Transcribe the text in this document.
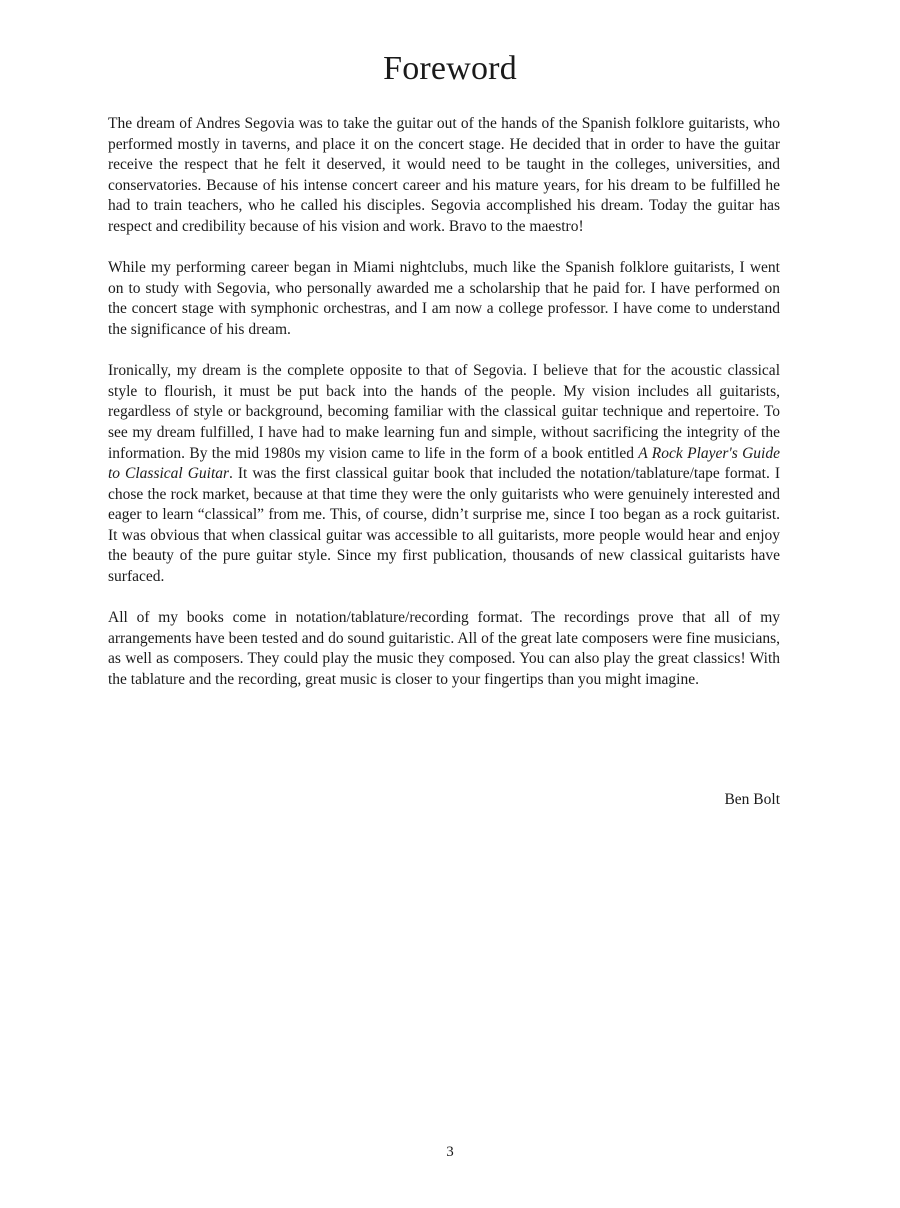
Foreword

The dream of Andres Segovia was to take the guitar out of the hands of the Spanish folklore guitarists, who performed mostly in taverns, and place it on the concert stage. He decided that in order to have the guitar receive the respect that he felt it deserved, it would need to be taught in the colleges, universities, and conservatories. Because of his intense concert career and his mature years, for his dream to be fulfilled he had to train teachers, who he called his disciples. Segovia accomplished his dream. Today the guitar has respect and credibility because of his vision and work. Bravo to the maestro!

While my performing career began in Miami nightclubs, much like the Spanish folklore guitarists, I went on to study with Segovia, who personally awarded me a scholarship that he paid for. I have performed on the concert stage with symphonic orchestras, and I am now a college professor. I have come to understand the significance of his dream.

Ironically, my dream is the complete opposite to that of Segovia. I believe that for the acoustic classical style to flourish, it must be put back into the hands of the people. My vision includes all guitarists, regardless of style or background, becoming familiar with the classical guitar technique and repertoire. To see my dream fulfilled, I have had to make learning fun and simple, without sacrificing the integrity of the information. By the mid 1980s my vision came to life in the form of a book entitled A Rock Player's Guide to Classical Guitar. It was the first classical guitar book that included the notation/tablature/tape format. I chose the rock market, because at that time they were the only guitarists who were genuinely interested and eager to learn “classical” from me. This, of course, didn’t surprise me, since I too began as a rock guitarist. It was obvious that when classical guitar was accessible to all guitarists, more people would hear and enjoy the beauty of the pure guitar style. Since my first publication, thousands of new classical guitarists have surfaced.

All of my books come in notation/tablature/recording format. The recordings prove that all of my arrangements have been tested and do sound guitaristic. All of the great late composers were fine musicians, as well as composers. They could play the music they composed. You can also play the great classics! With the tablature and the recording, great music is closer to your fingertips than you might imagine.

Ben Bolt
3
